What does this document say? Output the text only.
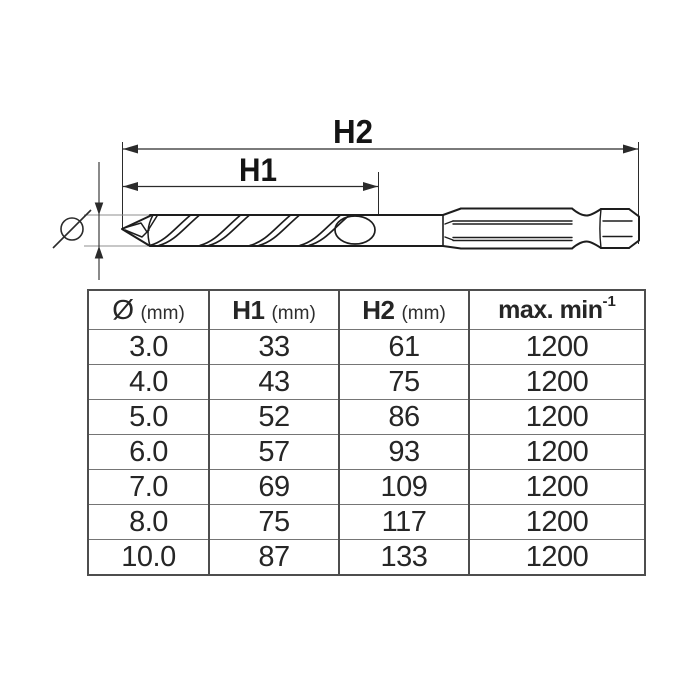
H2
H1
Ø (mm)	H1 (mm)	H2 (mm)	max. $\min^{-1}$
3.0	33	61	1200
4.0	43	75	1200
5.0	52	86	1200
6.0	57	93	1200
7.0	69	109	1200
8.0	75	117	1200
10.0	87	133	1200
